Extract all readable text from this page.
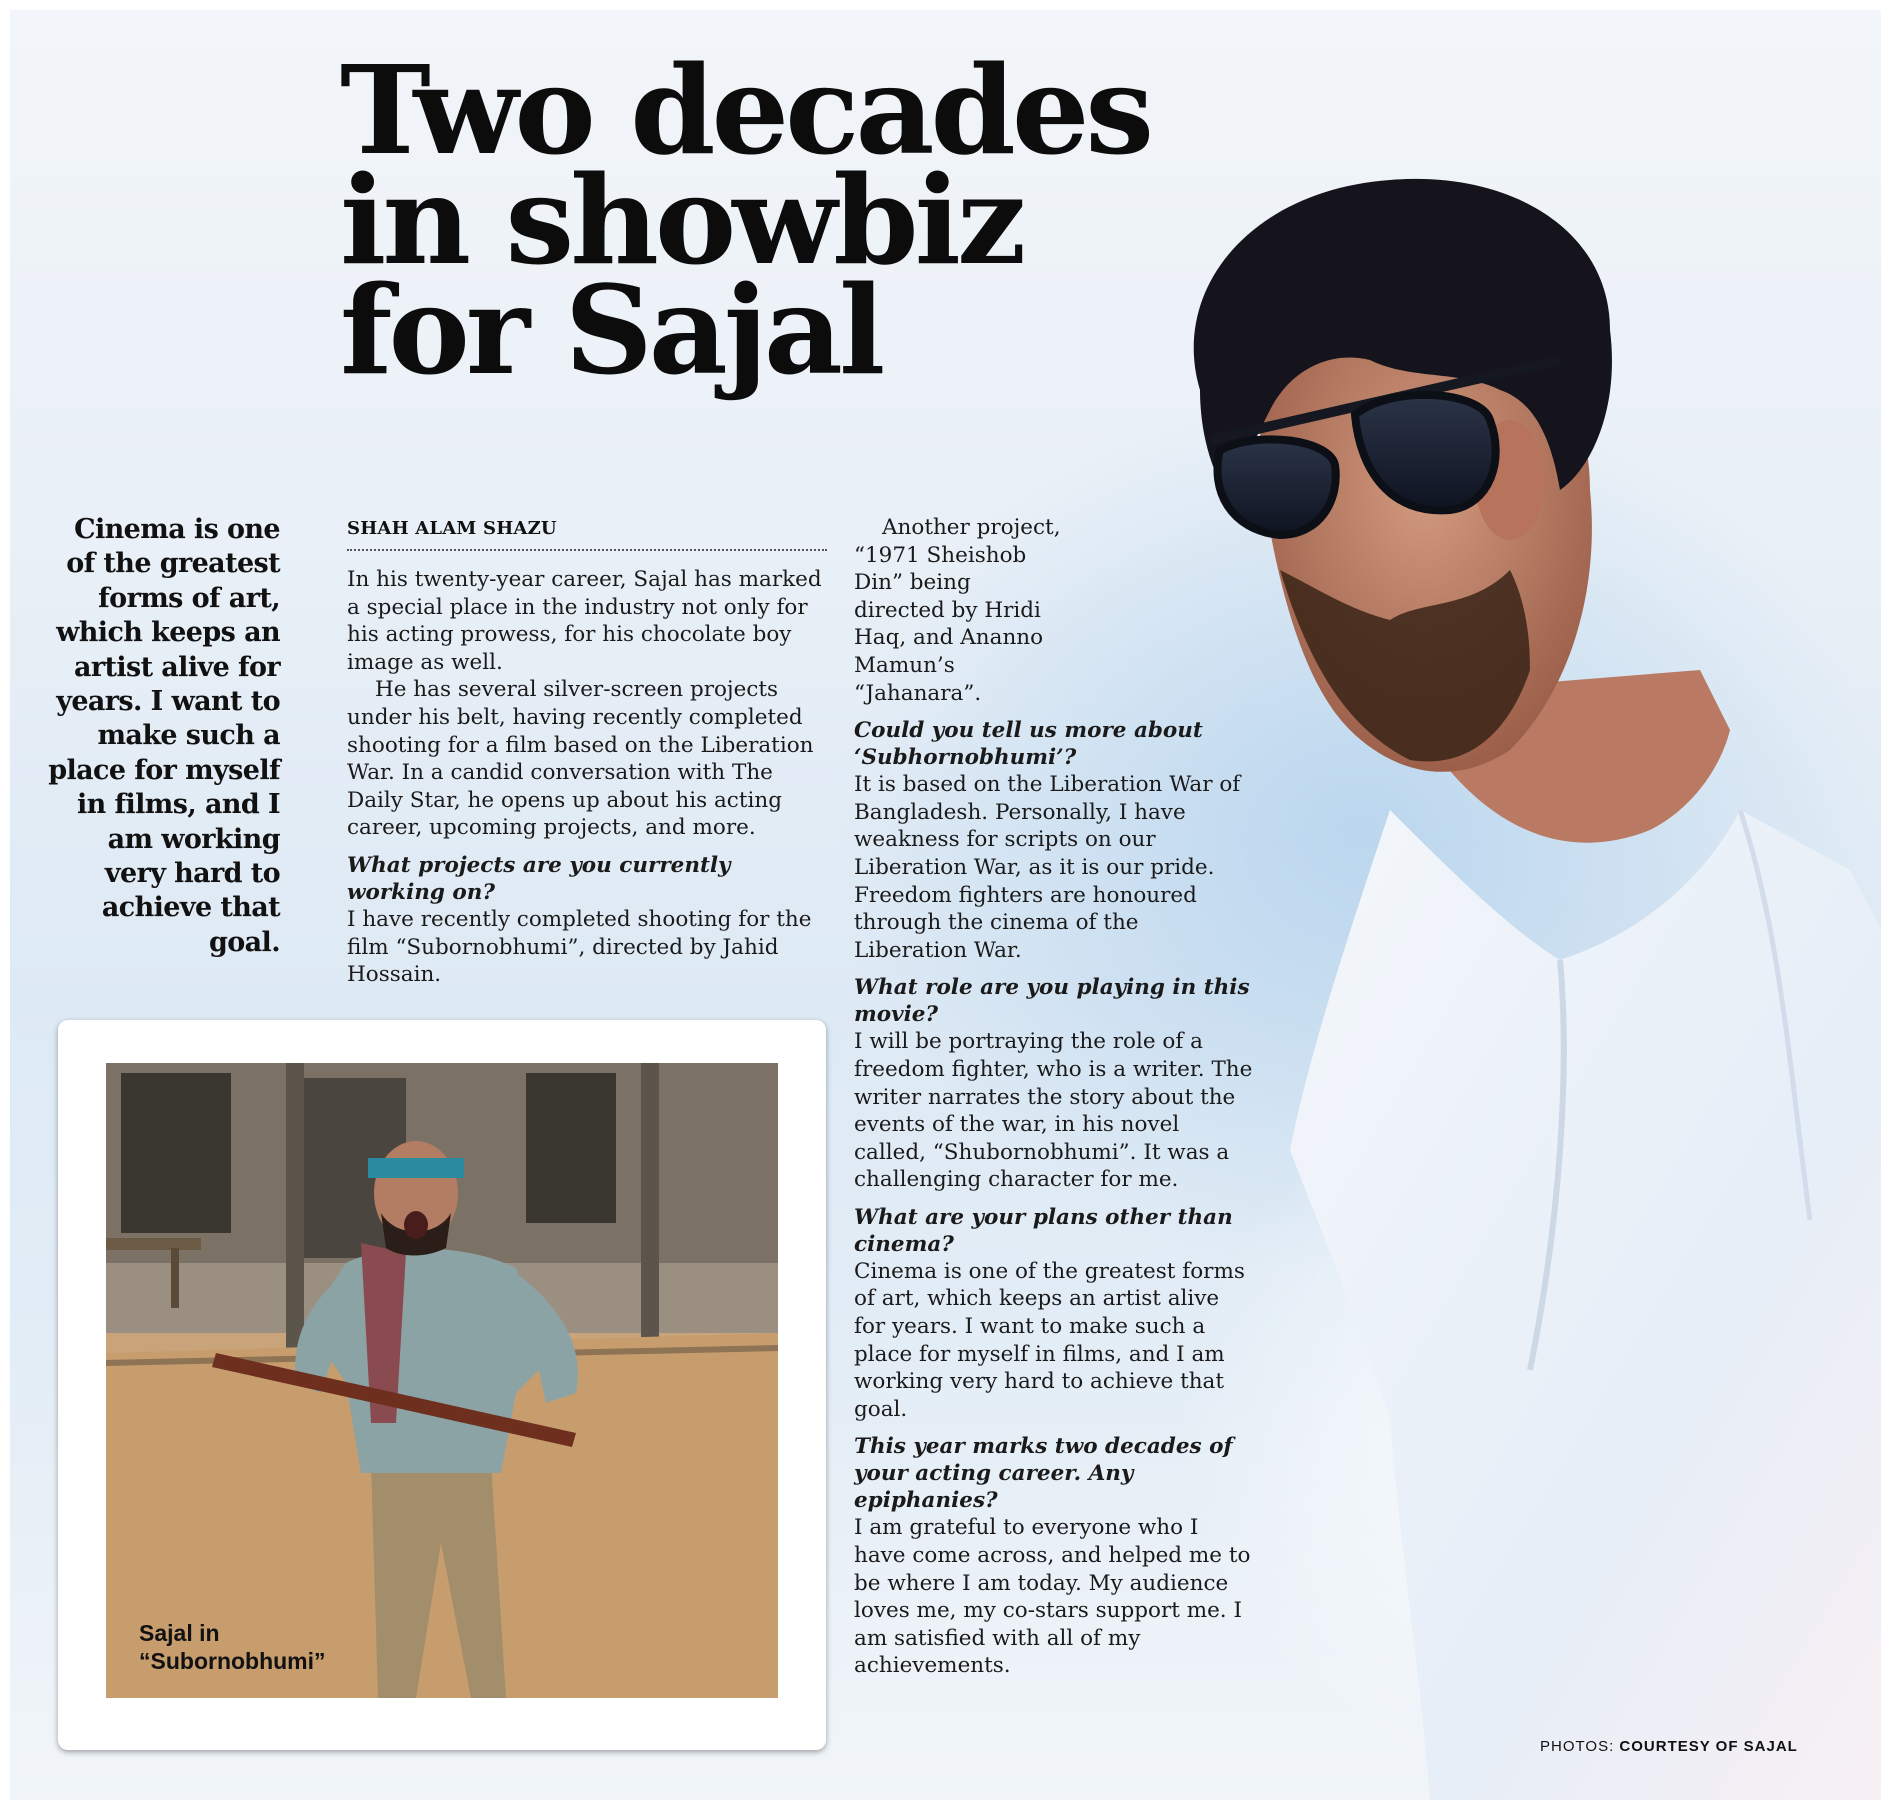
Two decades
in showbiz
for Sajal
Cinema is one of the greatest forms of art, which keeps an artist alive for years. I want to make such a place for myself in films, and I am working very hard to achieve that goal.
SHAH ALAM SHAZU

In his twenty-year career, Sajal has marked a special place in the industry not only for his acting prowess, for his chocolate boy image as well.

He has several silver-screen projects under his belt, having recently completed shooting for a film based on the Liberation War. In a candid conversation with The Daily Star, he opens up about his acting career, upcoming projects, and more.

What projects are you currently working on?

I have recently completed shooting for the film “Subornobhumi”, directed by Jahid Hossain.

Another project, “1971 Sheishob Din” being directed by Hridi Haq, and Ananno Mamun’s “Jahanara”.

Could you tell us more about ‘Subhornobhumi’?

It is based on the Liberation War of Bangladesh. Personally, I have weakness for scripts on our Liberation War, as it is our pride. Freedom fighters are honoured through the cinema of the Liberation War.

What role are you playing in this movie?

I will be portraying the role of a freedom fighter, who is a writer. The writer narrates the story about the events of the war, in his novel called, “Shubornobhumi”. It was a challenging character for me.

What are your plans other than cinema?

Cinema is one of the greatest forms of art, which keeps an artist alive for years. I want to make such a place for myself in films, and I am working very hard to achieve that goal.

This year marks two decades of your acting career. Any epiphanies?

I am grateful to everyone who I have come across, and helped me to be where I am today. My audience loves me, my co-stars support me. I am satisfied with all of my achievements.

Sajal in
“Subornobhumi”

PHOTOS: COURTESY OF SAJAL
